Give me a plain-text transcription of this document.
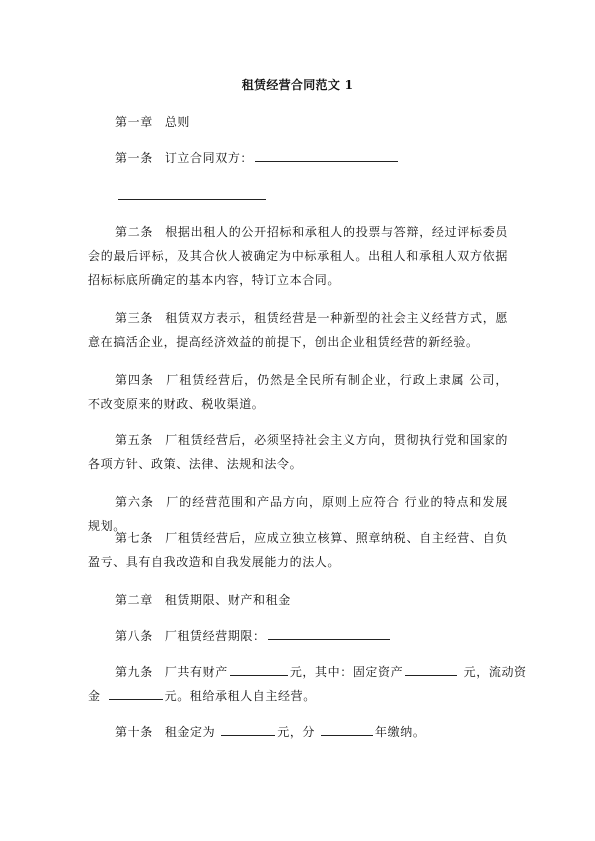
租赁经营合同范文 1
第一章 总则
第一条 订立合同双方：
第二条 根据出租人的公开招标和承租人的投票与答辩，经过评标委员会的最后评标，及其合伙人被确定为中标承租人。出租人和承租人双方依据招标标底所确定的基本内容，特订立本合同。
第三条 租赁双方表示，租赁经营是一种新型的社会主义经营方式，愿意在搞活企业，提高经济效益的前提下，创出企业租赁经营的新经验。
第四条 厂租赁经营后，仍然是全民所有制企业，行政上隶属 公司，不改变原来的财政、税收渠道。
第五条 厂租赁经营后，必须坚持社会主义方向，贯彻执行党和国家的各项方针、政策、法律、法规和法令。
第六条 厂的经营范围和产品方向，原则上应符合 行业的特点和发展规划。
第七条 厂租赁经营后，应成立独立核算、照章纳税、自主经营、自负盈亏、具有自我改造和自我发展能力的法人。
第二章 租赁期限、财产和租金
第八条 厂租赁经营期限：
第九条 厂共有财产	元，其中：固定资产	元，流动资
金	元。租给承租人自主经营。
第十条 租金定为	元，分	年缴纳。
